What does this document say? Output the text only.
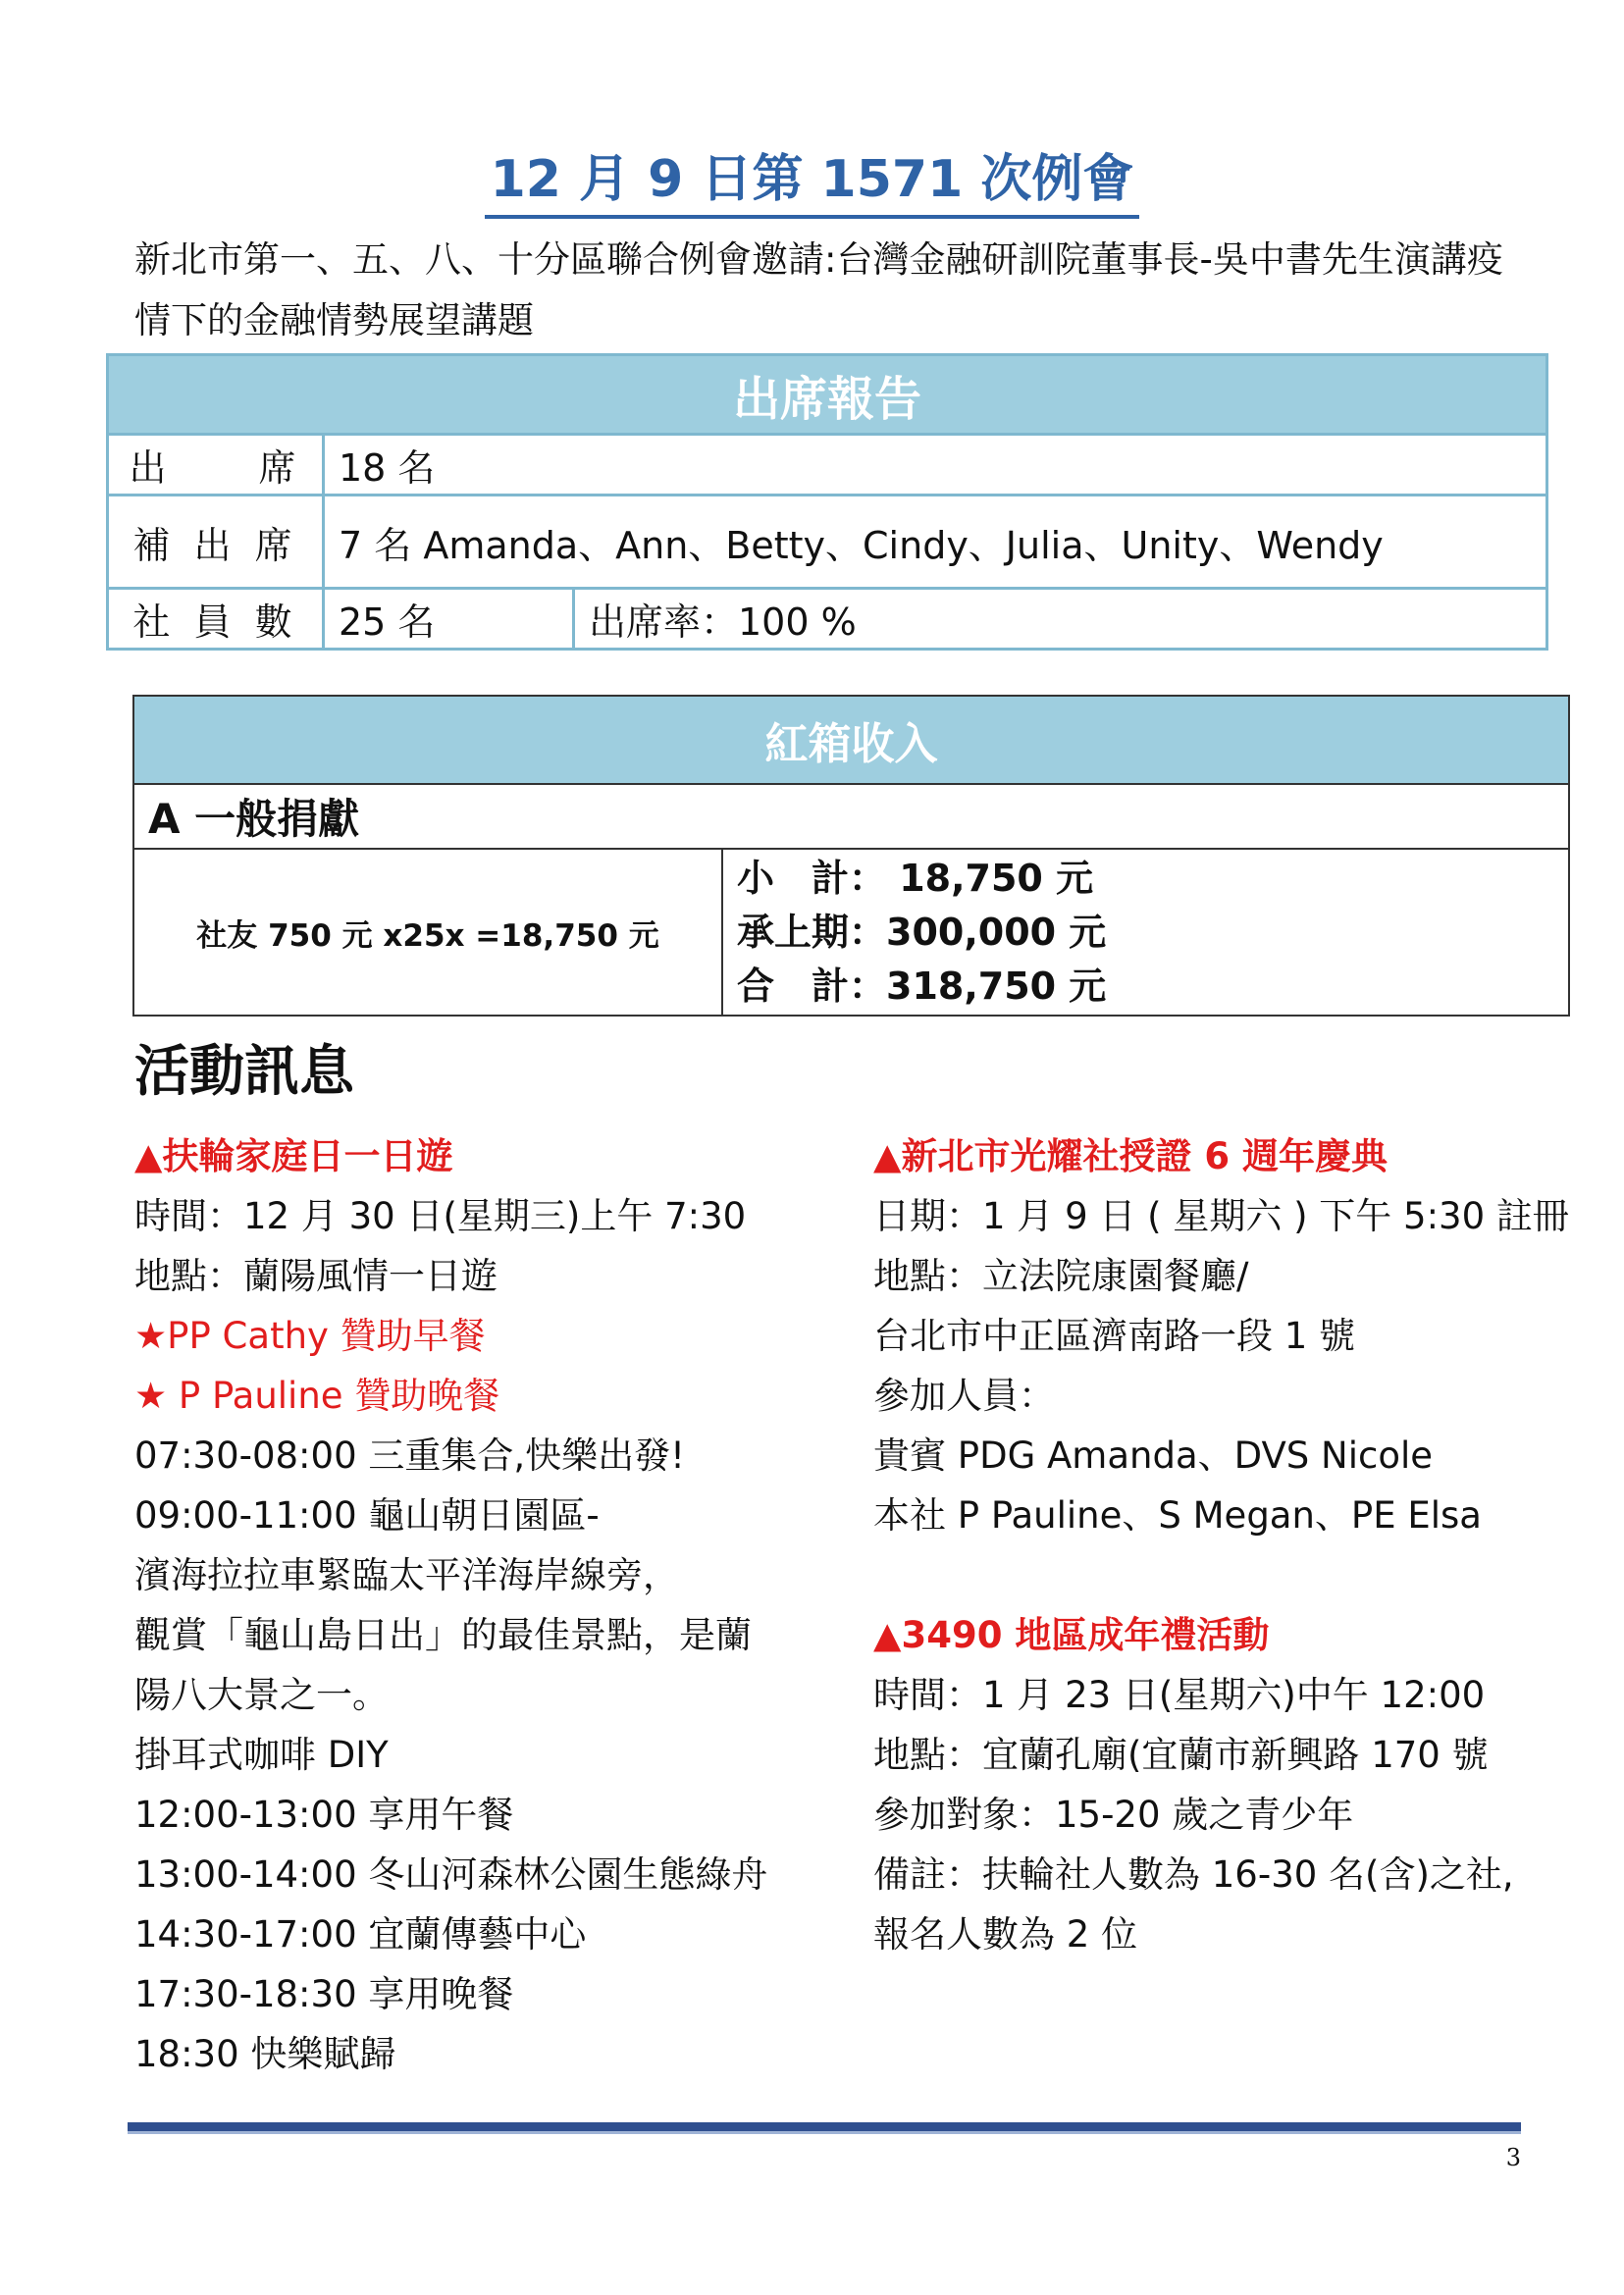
12 月 9 日第 1571 次例會
新北市第一、五、八、十分區聯合例會邀請:台灣金融研訓院董事長-吳中書先生演講疫情下的金融情勢展望講題
出席報告		
出　　席	18 名	
補 出 席	7 名 Amanda、Ann、Betty、Cindy、Julia、Unity、Wendy	
社 員 數	25 名	出席率：100 %
紅箱收入
A 一般捐獻
社友 750 元 x25x =18,750 元	
小　計： 18,750 元
承上期：300,000 元
合　計：318,750 元
活動訊息
▲扶輪家庭日一日遊
時間：12 月 30 日(星期三)上午 7:30
地點：蘭陽風情一日遊
★PP Cathy 贊助早餐
★ P Pauline 贊助晚餐
07:30-08:00 三重集合,快樂出發!
09:00-11:00 龜山朝日園區-
濱海拉拉車緊臨太平洋海岸線旁，
觀賞「龜山島日出」的最佳景點，是蘭
陽八大景之一。
掛耳式咖啡 DIY
12:00-13:00 享用午餐
13:00-14:00 冬山河森林公園生態綠舟
14:30-17:00 宜蘭傳藝中心
17:30-18:30 享用晚餐
18:30 快樂賦歸
▲新北市光耀社授證 6 週年慶典
日期：1 月 9 日 ( 星期六 ) 下午 5:30 註冊
地點：立法院康園餐廳/
台北市中正區濟南路一段 1 號
參加人員：
貴賓 PDG Amanda、DVS Nicole
本社 P Pauline、S Megan、PE Elsa
▲3490 地區成年禮活動
時間：1 月 23 日(星期六)中午 12:00
地點：宜蘭孔廟(宜蘭市新興路 170 號
參加對象：15-20 歲之青少年
備註：扶輪社人數為 16-30 名(含)之社,
報名人數為 2 位
3
